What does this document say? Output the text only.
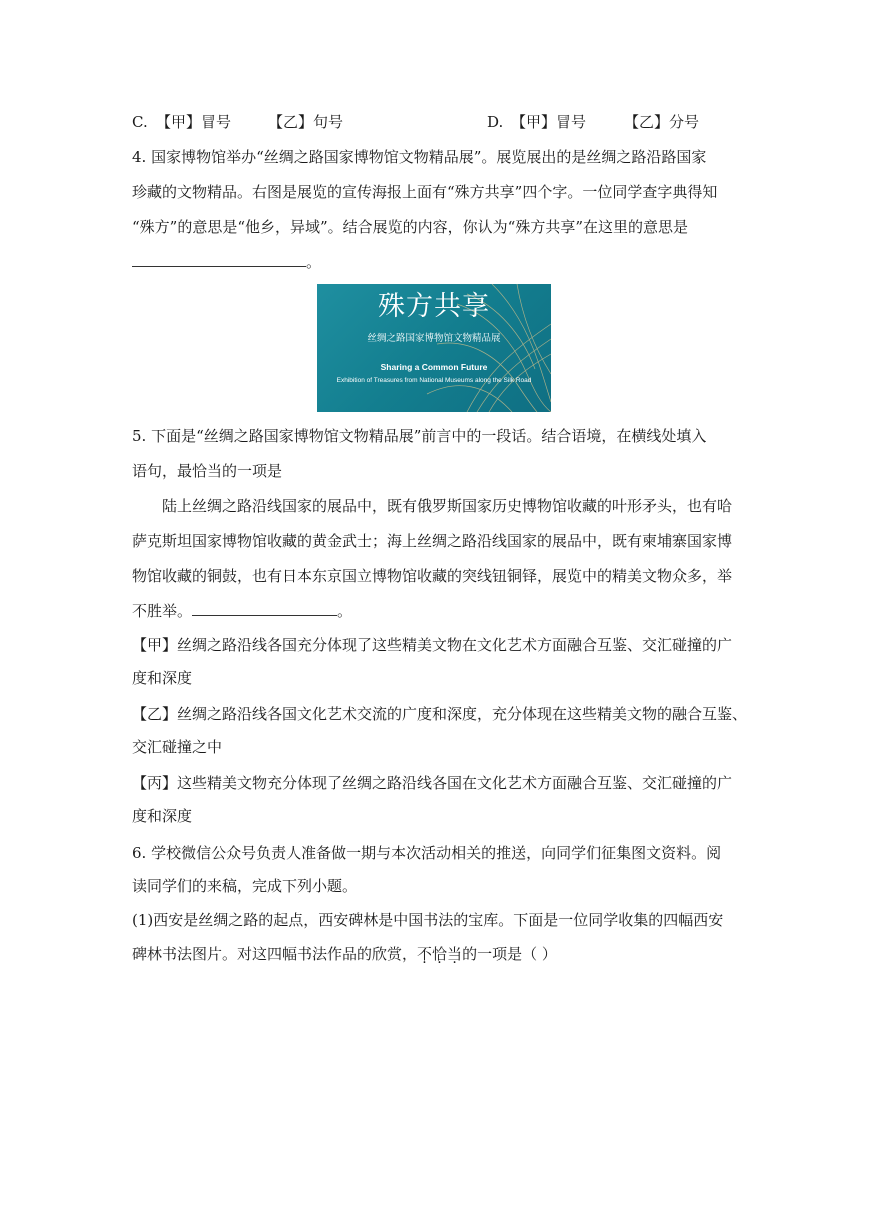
C. 【甲】冒号 【乙】句号	D. 【甲】冒号	【乙】分号
4. 国家博物馆举办“丝绸之路国家博物馆文物精品展”。展览展出的是丝绸之路沿路国家
珍藏的文物精品。右图是展览的宣传海报上面有“殊方共享”四个字。一位同学查字典得知
“殊方”的意思是“他乡，异域”。结合展览的内容，你认为“殊方共享”在这里的意思是
。
殊方共享
丝绸之路国家博物馆文物精品展
Sharing a Common Future
Exhibition of Treasures from National Museums along the Silk Road
5. 下面是“丝绸之路国家博物馆文物精品展”前言中的一段话。结合语境，在横线处填入
语句，最恰当的一项是
陆上丝绸之路沿线国家的展品中，既有俄罗斯国家历史博物馆收藏的叶形矛头，也有哈
萨克斯坦国家博物馆收藏的黄金武士；海上丝绸之路沿线国家的展品中，既有柬埔寨国家博
物馆收藏的铜鼓，也有日本东京国立博物馆收藏的突线钮铜铎，展览中的精美文物众多，举
不胜举。	。
【甲】丝绸之路沿线各国充分体现了这些精美文物在文化艺术方面融合互鉴、交汇碰撞的广
度和深度
【乙】丝绸之路沿线各国文化艺术交流的广度和深度，充分体现在这些精美文物的融合互鉴、
交汇碰撞之中
【丙】这些精美文物充分体现了丝绸之路沿线各国在文化艺术方面融合互鉴、交汇碰撞的广
度和深度
6. 学校微信公众号负责人准备做一期与本次活动相关的推送，向同学们征集图文资料。阅
读同学们的来稿，完成下列小题。
(1)西安是丝绸之路的起点，西安碑林是中国书法的宝库。下面是一位同学收集的四幅西安
碑林书法图片。对这四幅书法作品的欣赏，不恰当的一项是（ ）
